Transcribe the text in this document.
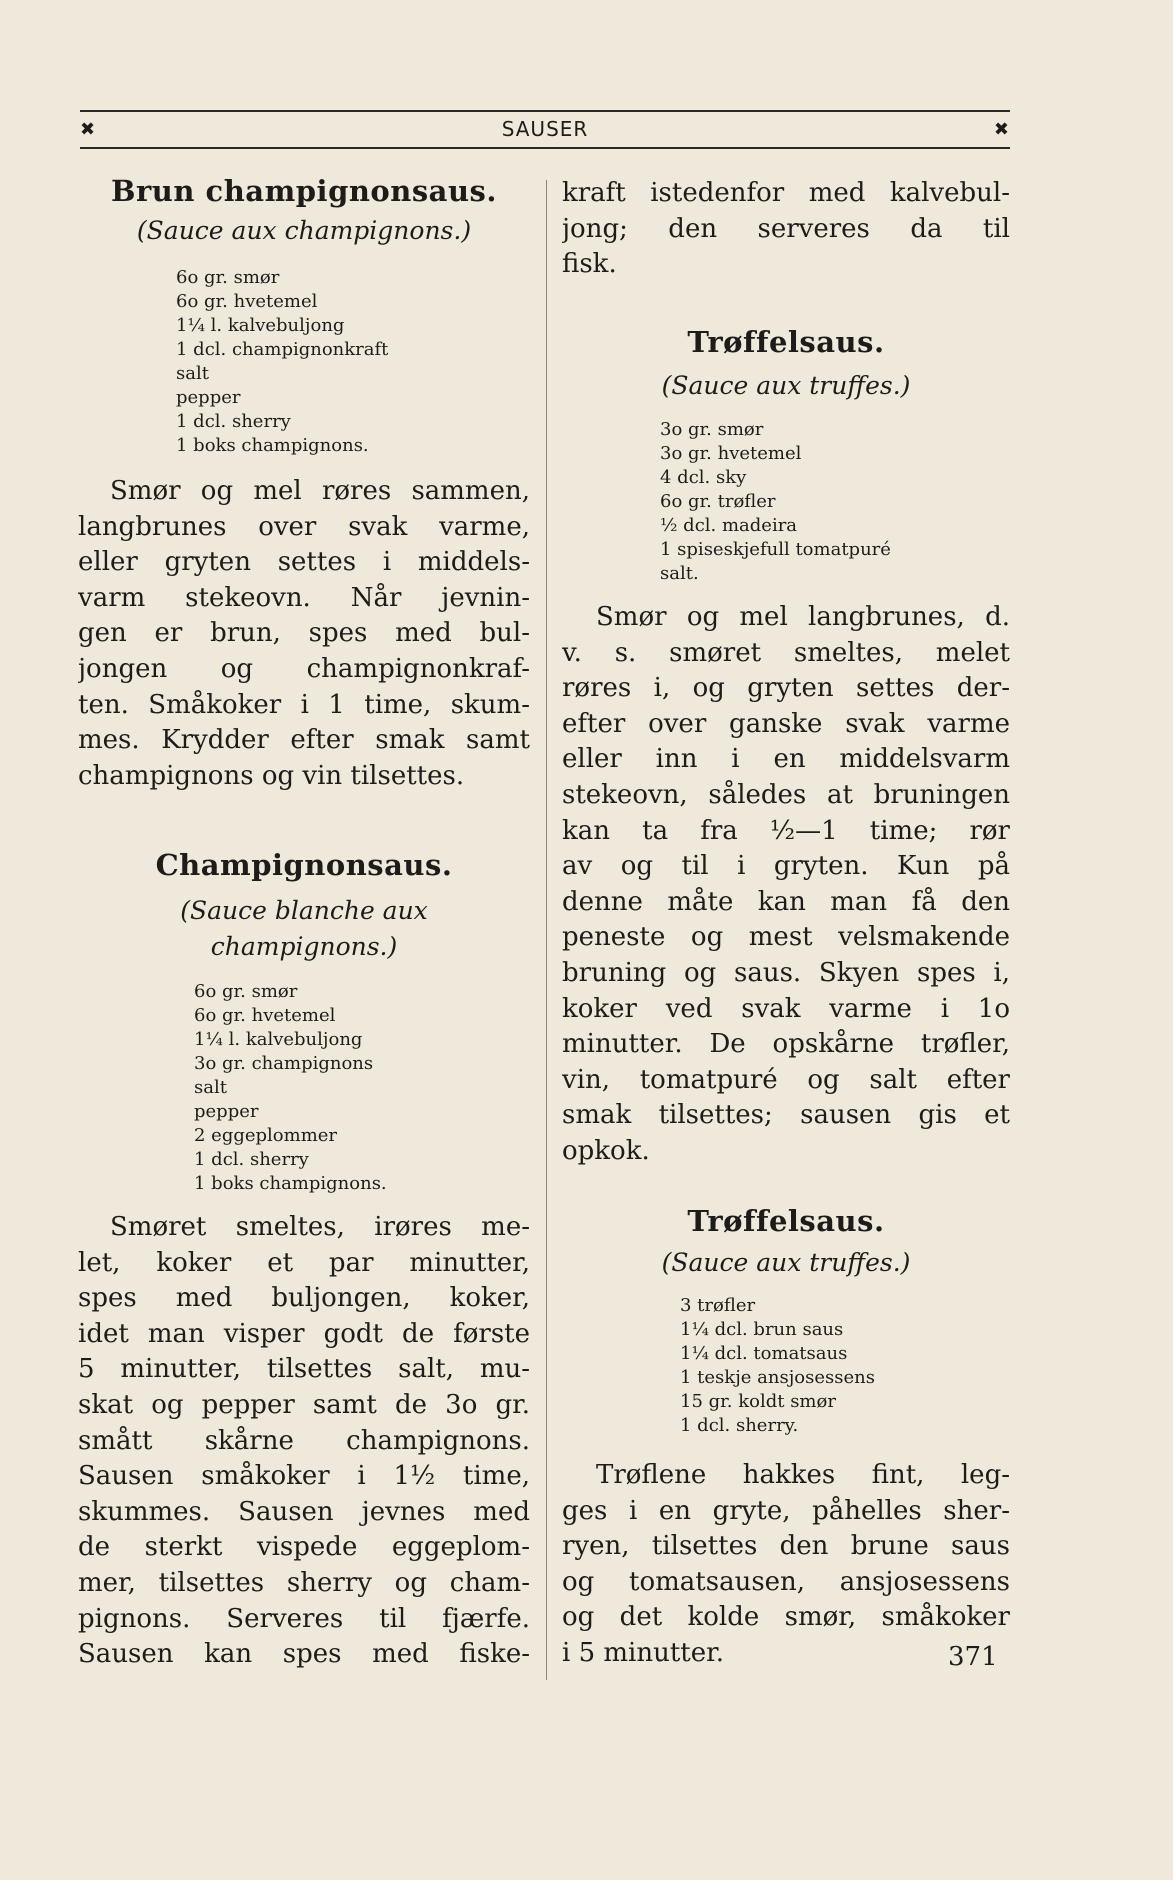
✖	SAUSER	✖
Brun champignonsaus.
(Sauce aux champignons.)
6o gr. smør
6o gr. hvetemel
1¼ l. kalvebuljong
1 dcl. champignonkraft
salt
pepper
1 dcl. sherry
1 boks champignons.
Smør og mel røres sammen,
langbrunes over svak varme,
eller gryten settes i middels-
varm stekeovn. Når jevnin-
gen er brun, spes med bul-
jongen og champignonkraf-
ten. Småkoker i 1 time, skum-
mes. Krydder efter smak samt
champignons og vin tilsettes.
Champignonsaus.
(Sauce blanche aux
champignons.)
6o gr. smør
6o gr. hvetemel
1¼ l. kalvebuljong
3o gr. champignons
salt
pepper
2 eggeplommer
1 dcl. sherry
1 boks champignons.
Smøret smeltes, irøres me-
let, koker et par minutter,
spes med buljongen, koker,
idet man visper godt de første
5 minutter, tilsettes salt, mu-
skat og pepper samt de 3o gr.
smått skårne champignons.
Sausen småkoker i 1½ time,
skummes. Sausen jevnes med
de sterkt vispede eggeplom-
mer, tilsettes sherry og cham-
pignons. Serveres til fjærfe.
Sausen kan spes med fiske-
kraft istedenfor med kalvebul-
jong; den serveres da til
fisk.
Trøffelsaus.
(Sauce aux truffes.)
3o gr. smør
3o gr. hvetemel
4 dcl. sky
6o gr. trøfler
½ dcl. madeira
1 spiseskjefull tomatpuré
salt.
Smør og mel langbrunes, d.
v. s. smøret smeltes, melet
røres i, og gryten settes der-
efter over ganske svak varme
eller inn i en middelsvarm
stekeovn, således at bruningen
kan ta fra ½—1 time; rør
av og til i gryten. Kun på
denne måte kan man få den
peneste og mest velsmakende
bruning og saus. Skyen spes i,
koker ved svak varme i 1o
minutter. De opskårne trøfler,
vin, tomatpuré og salt efter
smak tilsettes; sausen gis et
opkok.
Trøffelsaus.
(Sauce aux truffes.)
3 trøfler
1¼ dcl. brun saus
1¼ dcl. tomatsaus
1 teskje ansjosessens
15 gr. koldt smør
1 dcl. sherry.
Trøflene hakkes fint, leg-
ges i en gryte, påhelles sher-
ryen, tilsettes den brune saus
og tomatsausen, ansjosessens
og det kolde smør, småkoker
i 5 minutter.	371
